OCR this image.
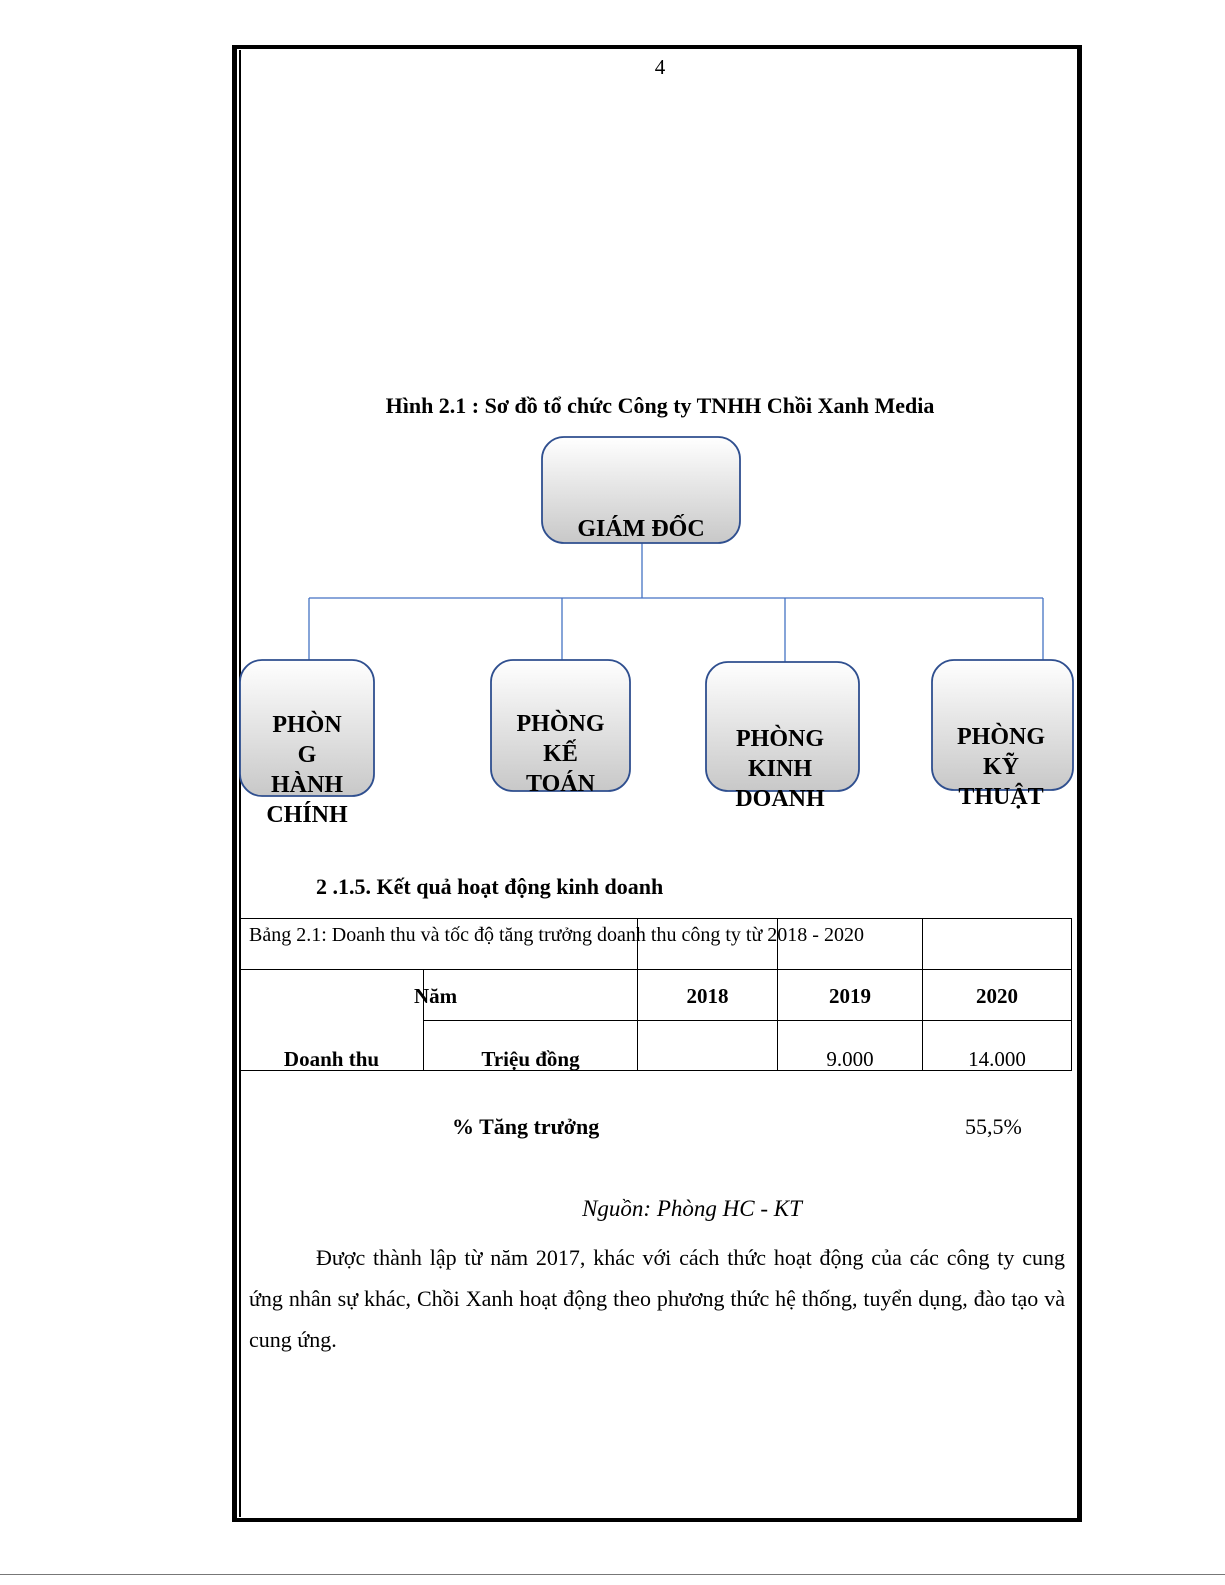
4
Hình 2.1 : Sơ đồ tổ chức Công ty TNHH Chồi Xanh Media
GIÁM ĐỐC
PHÒN
G
HÀNH
CHÍNH
PHÒNG
KẾ
TOÁN
PHÒNG
KINH
DOANH
PHÒNG
KỸ
THUẬT
2 .1.5. Kết quả hoạt động kinh doanh
Bảng 2.1: Doanh thu và tốc độ tăng trưởng doanh thu công ty từ 2018 - 2020				

Doanh thu	Năm	2018	2019	2020

	Triệu đồng		9.000	14.000
% Tăng trưởng	55,5%
Nguồn: Phòng HC - KT
Được thành lập từ năm 2017, khác với cách thức hoạt động của các công ty cung ứng nhân sự khác, Chồi Xanh hoạt động theo phương thức hệ thống, tuyển dụng, đào tạo và cung ứng.
